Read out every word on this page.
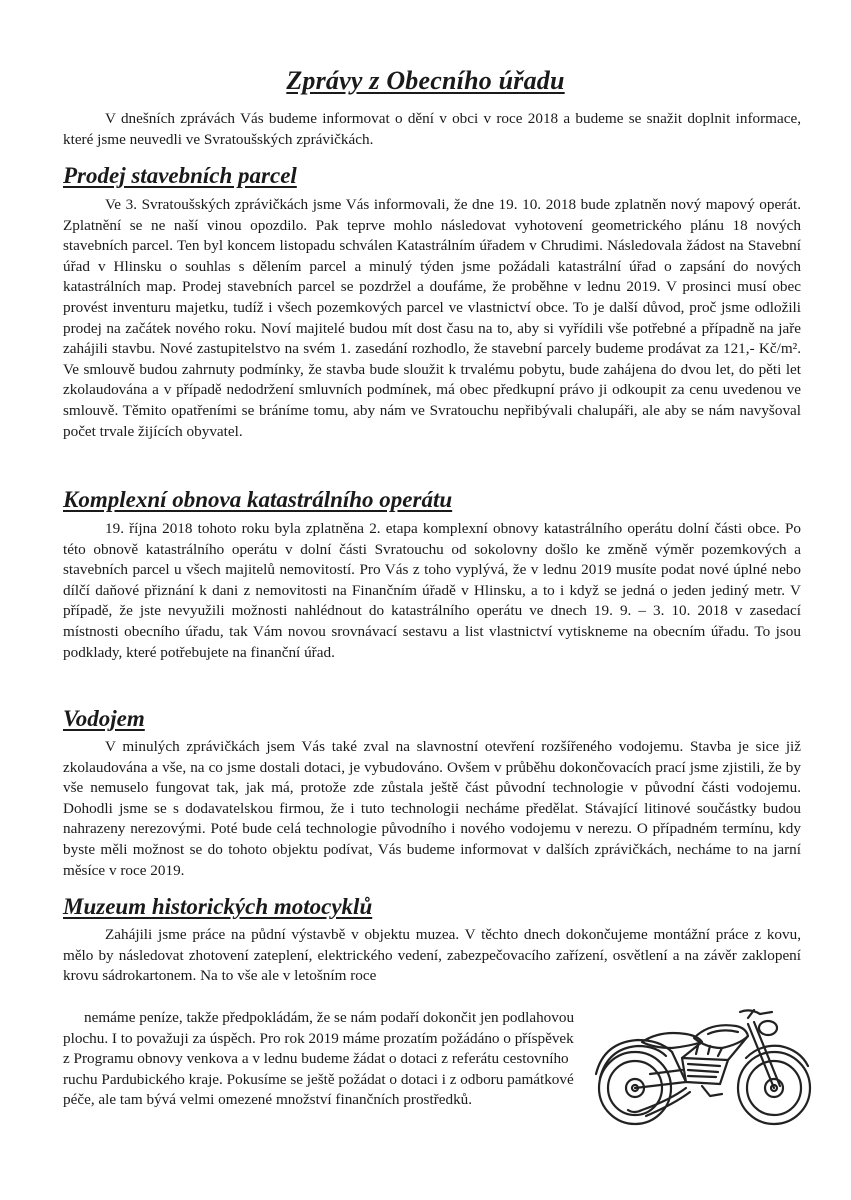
Zprávy z Obecního úřadu

V dnešních zprávách Vás budeme informovat o dění v obci v roce 2018 a budeme se snažit doplnit informace, které jsme neuvedli ve Svratoušských zprávičkách.

Prodej stavebních parcel

Ve 3. Svratoušských zprávičkách jsme Vás informovali, že dne 19. 10. 2018 bude zplatněn nový mapový operát. Zplatnění se ne naší vinou opozdilo. Pak teprve mohlo následovat vyhotovení geometrického plánu 18 nových stavebních parcel. Ten byl koncem listopadu schválen Katastrálním úřadem v Chrudimi. Následovala žádost na Stavební úřad v Hlinsku o souhlas s dělením parcel a minulý týden jsme požádali katastrální úřad o zapsání do nových katastrálních map. Prodej stavebních parcel se pozdržel a doufáme, že proběhne v lednu 2019. V prosinci musí obec provést inventuru majetku, tudíž i všech pozemkových parcel ve vlastnictví obce. To je další důvod, proč jsme odložili prodej na začátek nového roku. Noví majitelé budou mít dost času na to, aby si vyřídili vše potřebné a případně na jaře zahájili stavbu. Nové zastupitelstvo na svém 1. zasedání rozhodlo, že stavební parcely budeme prodávat za 121,- Kč/m². Ve smlouvě budou zahrnuty podmínky, že stavba bude sloužit k trvalému pobytu, bude zahájena do dvou let, do pěti let zkolaudována a v případě nedodržení smluvních podmínek, má obec předkupní právo ji odkoupit za cenu uvedenou ve smlouvě. Těmito opatřeními se bráníme tomu, aby nám ve Svratouchu nepřibývali chalupáři, ale aby se nám navyšoval počet trvale žijících obyvatel.

Komplexní obnova katastrálního operátu

19. října 2018 tohoto roku byla zplatněna 2. etapa komplexní obnovy katastrálního operátu dolní části obce. Po této obnově katastrálního operátu v dolní části Svratouchu od sokolovny došlo ke změně výměr pozemkových a stavebních parcel u všech majitelů nemovitostí. Pro Vás z toho vyplývá, že v lednu 2019 musíte podat nové úplné nebo dílčí daňové přiznání k dani z nemovitosti na Finančním úřadě v Hlinsku, a to i když se jedná o jeden jediný metr. V případě, že jste nevyužili možnosti nahlédnout do katastrálního operátu ve dnech 19. 9. – 3. 10. 2018 v zasedací místnosti obecního úřadu, tak Vám novou srovnávací sestavu a list vlastnictví vytiskneme na obecním úřadu. To jsou podklady, které potřebujete na finanční úřad.

Vodojem

V minulých zprávičkách jsem Vás také zval na slavnostní otevření rozšířeného vodojemu. Stavba je sice již zkolaudována a vše, na co jsme dostali dotaci, je vybudováno. Ovšem v průběhu dokončovacích prací jsme zjistili, že by vše nemuselo fungovat tak, jak má, protože zde zůstala ještě část původní technologie v původní části vodojemu. Dohodli jsme se s dodavatelskou firmou, že i tuto technologii necháme předělat. Stávající litinové součástky budou nahrazeny nerezovými. Poté bude celá technologie původního i nového vodojemu v nerezu. O případném termínu, kdy byste měli možnost se do tohoto objektu podívat, Vás budeme informovat v dalších zprávičkách, necháme to na jarní měsíce v roce 2019.

Muzeum historických motocyklů

Zahájili jsme práce na půdní výstavbě v objektu muzea. V těchto dnech dokončujeme montážní práce z kovu, mělo by následovat zhotovení zateplení, elektrického vedení, zabezpečovacího zařízení, osvětlení a na závěr zaklopení krovu sádrokartonem. Na to vše ale v letošním roce

nemáme peníze, takže předpokládám, že se nám podaří dokončit jen podlahovou plochu. I to považuji za úspěch. Pro rok 2019 máme prozatím požádáno o příspěvek z Programu obnovy venkova a v lednu budeme žádat o dotaci z referátu cestovního ruchu Pardubického kraje. Pokusíme se ještě požádat o dotaci i z odboru památkové péče, ale tam bývá velmi omezené množství finančních prostředků.
